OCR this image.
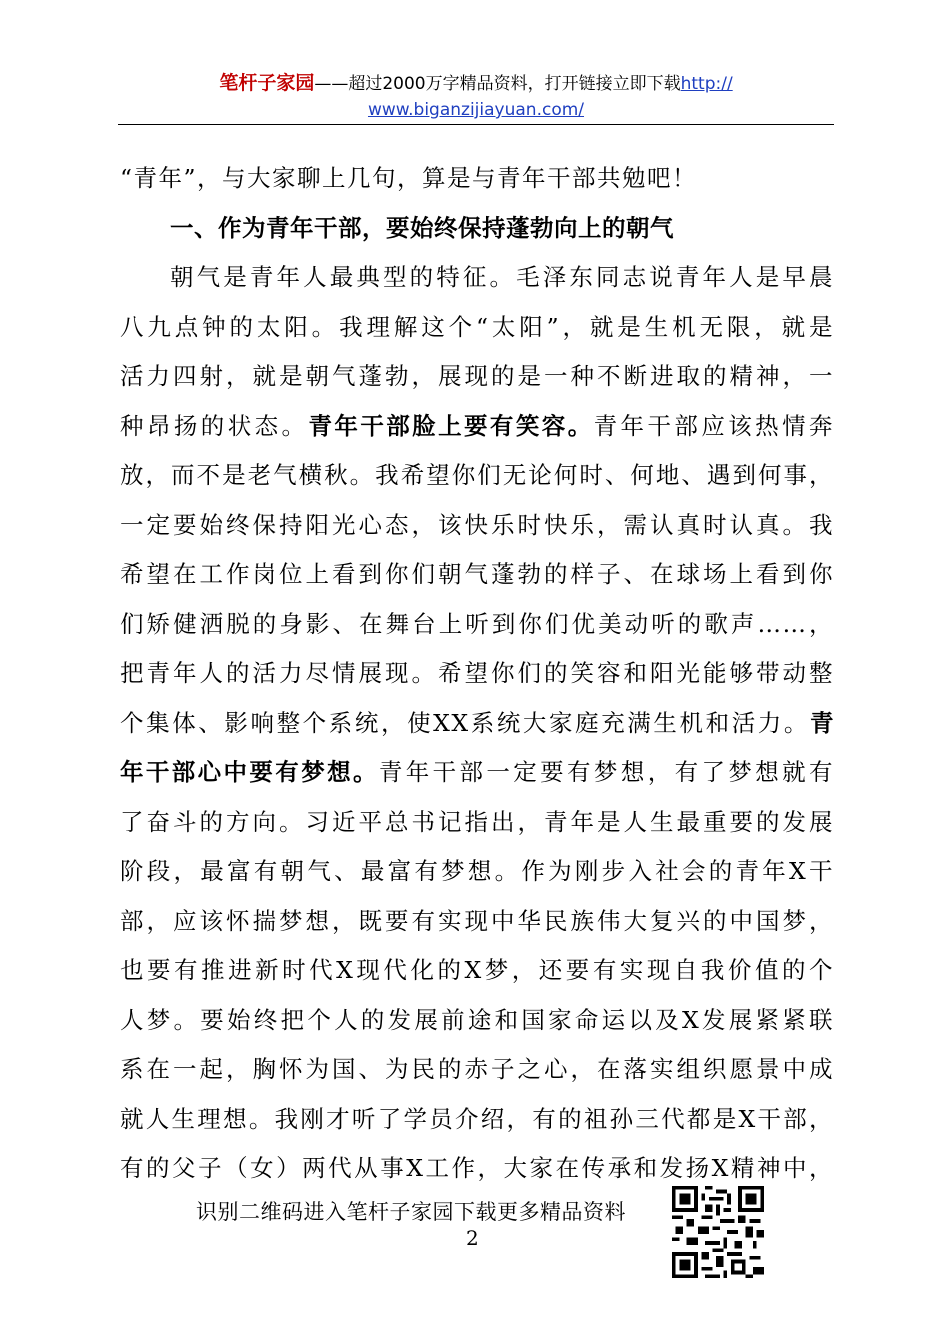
笔杆子家园——超过2000万字精品资料，打开链接立即下载http://
www.biganzijiayuan.com/
“青年”，与大家聊上几句，算是与青年干部共勉吧！
一、作为青年干部，要始终保持蓬勃向上的朝气
朝气是青年人最典型的特征。毛泽东同志说青年人是早晨
八九点钟的太阳。我理解这个“太阳”，就是生机无限，就是
活力四射，就是朝气蓬勃，展现的是一种不断进取的精神，一
种昂扬的状态。青年干部脸上要有笑容。青年干部应该热情奔
放，而不是老气横秋。我希望你们无论何时、何地、遇到何事，
一定要始终保持阳光心态，该快乐时快乐，需认真时认真。我
希望在工作岗位上看到你们朝气蓬勃的样子、在球场上看到你
们矫健洒脱的身影、在舞台上听到你们优美动听的歌声……，
把青年人的活力尽情展现。希望你们的笑容和阳光能够带动整
个集体、影响整个系统，使XX系统大家庭充满生机和活力。青
年干部心中要有梦想。青年干部一定要有梦想，有了梦想就有
了奋斗的方向。习近平总书记指出，青年是人生最重要的发展
阶段，最富有朝气、最富有梦想。作为刚步入社会的青年X干
部，应该怀揣梦想，既要有实现中华民族伟大复兴的中国梦，
也要有推进新时代X现代化的X梦，还要有实现自我价值的个
人梦。要始终把个人的发展前途和国家命运以及X发展紧紧联
系在一起，胸怀为国、为民的赤子之心，在落实组织愿景中成
就人生理想。我刚才听了学员介绍，有的祖孙三代都是X干部，
有的父子（女）两代从事X工作，大家在传承和发扬X精神中，
识别二维码进入笔杆子家园下载更多精品资料
2
